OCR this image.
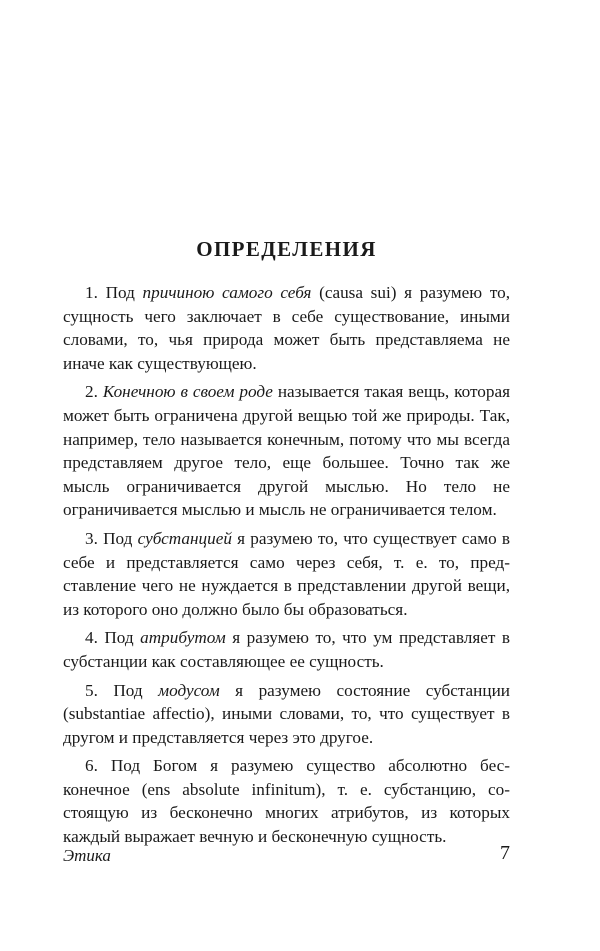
ОПРЕДЕЛЕНИЯ

1. Под причиною самого себя (causa sui) я разумею то, сущность чего заключает в себе существование, иными словами, то, чья природа может быть представляема не иначе как существующею.

2. Конечною в своем роде называется такая вещь, которая может быть ограничена другой вещью той же природы. Так, например, тело называется конечным, потому что мы всегда представляем другое тело, еще большее. Точно так же мысль ограничивается другой мыслью. Но тело не ограничивается мыслью и мысль не ограничивается телом.

3. Под субстанцией я разумею то, что существует само в себе и представляется само через себя, т. е. то, представление чего не нуждается в представлении другой вещи, из которого оно должно было бы образоваться.

4. Под атрибутом я разумею то, что ум представляет в субстанции как составляющее ее сущность.

5. Под модусом я разумею состояние субстанции (substantiae affectio), иными словами, то, что существует в другом и представляется через это другое.

6. Под Богом я разумею существо абсолютно бесконечное (ens absolute infinitum), т. е. субстанцию, состоящую из бесконечно многих атрибутов, из которых каждый выражает вечную и бесконечную сущность.

Этика	7
